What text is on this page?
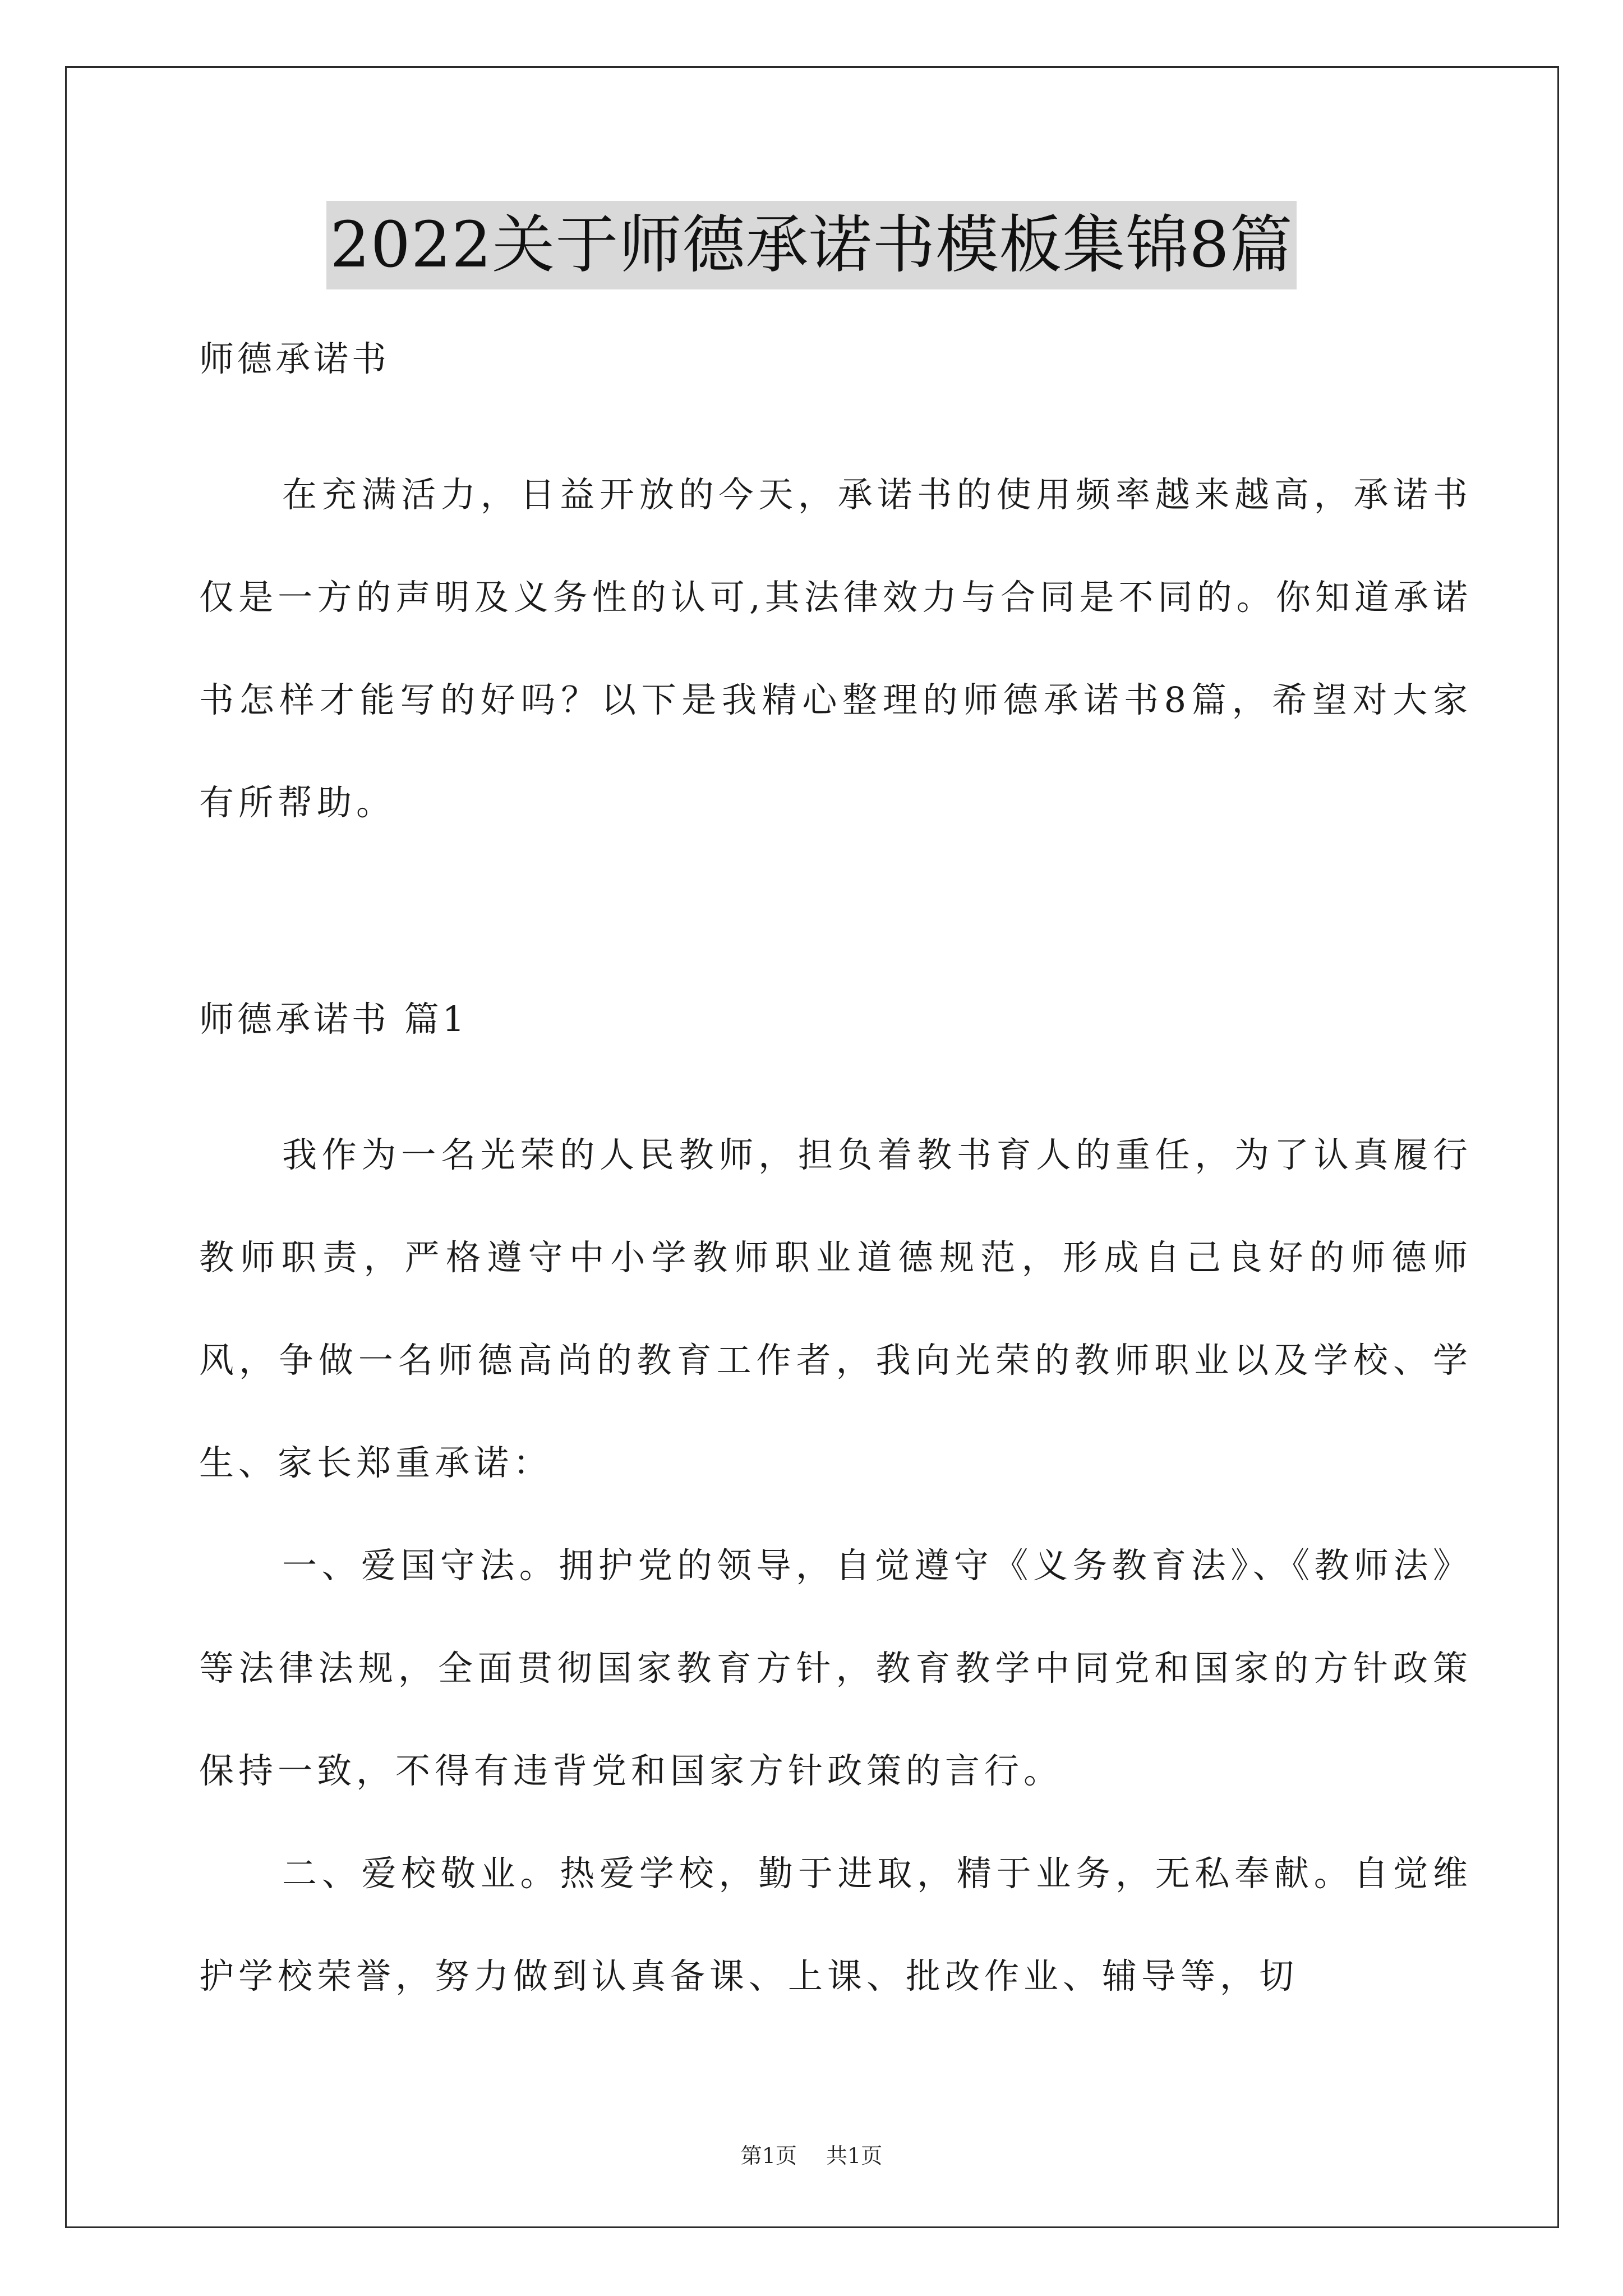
2022关于师德承诺书模板集锦8篇

师德承诺书

在充满活力，日益开放的今天，承诺书的使用频率越来越高，承诺书仅是一方的声明及义务性的认可,其法律效力与合同是不同的。你知道承诺书怎样才能写的好吗？以下是我精心整理的师德承诺书8篇，希望对大家有所帮助。

师德承诺书 篇1

我作为一名光荣的人民教师，担负着教书育人的重任，为了认真履行教师职责，严格遵守中小学教师职业道德规范，形成自己良好的师德师风，争做一名师德高尚的教育工作者，我向光荣的教师职业以及学校、学生、家长郑重承诺：

一、爱国守法。拥护党的领导，自觉遵守《义务教育法》、《教师法》等法律法规，全面贯彻国家教育方针，教育教学中同党和国家的方针政策保持一致，不得有违背党和国家方针政策的言行。

二、爱校敬业。热爱学校，勤于进取，精于业务，无私奉献。自觉维护学校荣誉，努力做到认真备课、上课、批改作业、辅导等，切

第1页 共1页
